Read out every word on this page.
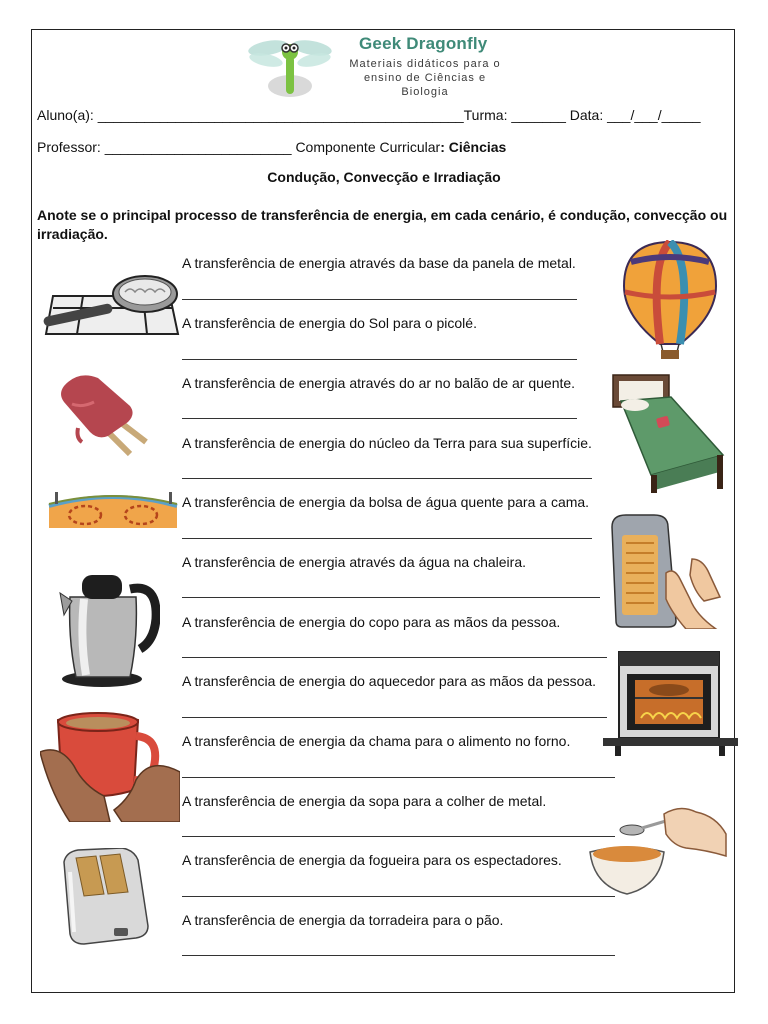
Geek Dragonfly
Materiais didáticos para o
ensino de Ciências e
Biologia
Aluno(a): _______________________________________________Turma: _______ Data: ___/___/_____
Professor: ________________________ Componente Curricular: Ciências
Condução, Convecção e Irradiação
Anote se o principal processo de transferência de energia, em cada cenário, é condução, convecção ou irradiação.
A transferência de energia através da base da panela de metal.
A transferência de energia do Sol para o picolé.
A transferência de energia através do ar no balão de ar quente.
A transferência de energia do núcleo da Terra para sua superfície.
A transferência de energia da bolsa de água quente para a cama.
A transferência de energia através da água na chaleira.
A transferência de energia do copo para as mãos da pessoa.
A transferência de energia do aquecedor para as mãos da pessoa.
A transferência de energia da chama para o alimento no forno.
A transferência de energia da sopa para a colher de metal.
A transferência de energia da fogueira para os espectadores.
A transferência de energia da torradeira para o pão.
